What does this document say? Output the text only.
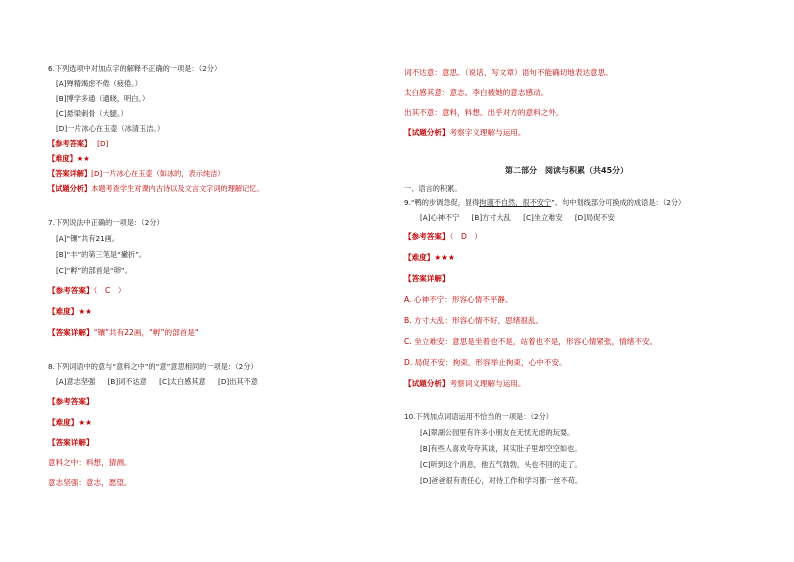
6.下列选项中对加点字的解释不正确的一项是：（2分）
[A]殚精竭虑不倦（疲倦。）
[B]博学多通（通晓，明白。）
[C]悬梁刺骨（大腿。）
[D]一片冰心在玉壶（冰清玉洁。）
【参考答案】 [D]
【难度】★★
【答案详解】[D]一片冰心在玉壶（如冰的，表示纯洁）
【试题分析】本题考查学生对课内古诗以及文言文字词的理解记忆。
7.下列说法中正确的一项是：（2分）
[A]“镶”共有21画。
[B]“丰”的第三笔是“撇折”。
[C]“孵”的部首是“卵”。
【参考答案】（　C　）
【难度】★★
【答案详解】“镶”共有22画，“孵”的部首是“
8.下列词语中的意与“意料之中”的“意”意思相同的一项是：（2分）
[A]意志坚强 [B]词不达意 [C]太白感其意 [D]出其不意
【参考答案】
【难度】★★
【答案详解】
意料之中：料想，猜测。
意志坚强：意志，愿望。
词不达意：意思。（说话、写文章）语句不能确切地表达意思。
太白感其意：意志。李白被她的意志感动。
出其不意：意料，料想。出乎对方的意料之外。
【试题分析】考察字义理解与运用。
第二部分　阅读与积累（共45分）
一、语言的积累。
9.“鸭的步调急促，显得拘谨不自然，很不安宁”。句中划线部分可换成的成语是：（2分）
[A]心神不宁 [B]方寸大乱 [C]坐立难安 [D]局促不安
【参考答案】（　D　）
【难度】★★★
【答案详解】
A. 心神不宁：形容心情不平静。
B. 方寸大乱：形容心情不好，思绪很乱。
C. 坐立难安：意思是坐着也不是，站着也不是，形容心情紧张，情绪不安。
D. 局促不安：拘束。形容举止拘束，心中不安。
【试题分析】考察词义理解与运用。
10.下列加点词语运用不恰当的一项是：（2分）
[A]翠湖公园里有许多小朋友在无忧无虑的玩耍。
[B]有些人喜欢夸夸其谈，其实肚子里却空空如也。
[C]听到这个消息，他五气勃勃，头也不回的走了。
[D]爸爸很有责任心，对待工作和学习都一丝不苟。
